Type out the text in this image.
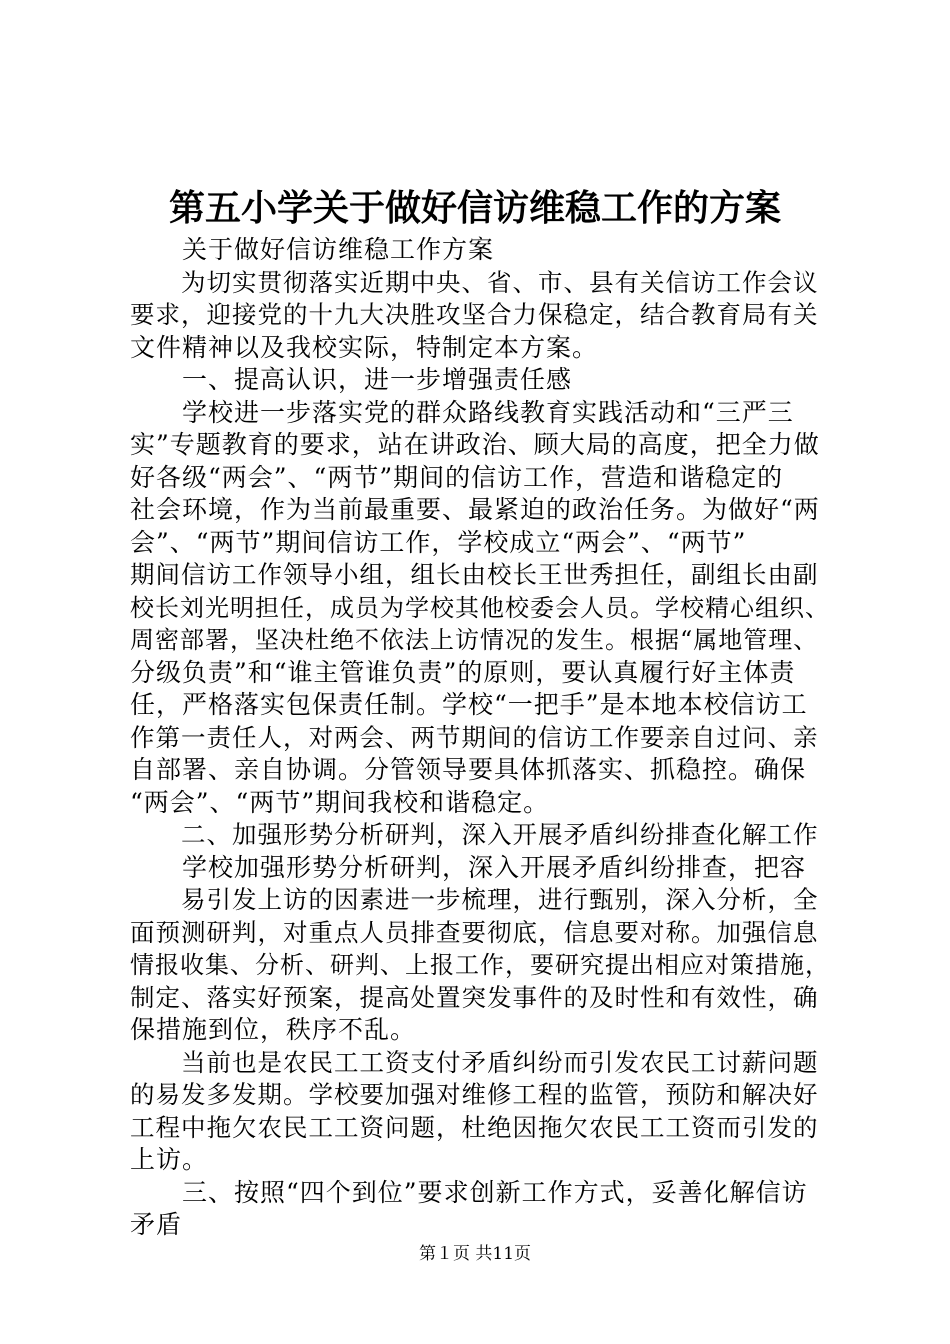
第五小学关于做好信访维稳工作的方案
　　关于做好信访维稳工作方案
　　为切实贯彻落实近期中央、省、市、县有关信访工作会议
要求，迎接党的十九大决胜攻坚合力保稳定，结合教育局有关
文件精神以及我校实际，特制定本方案。
　　一、提高认识，进一步增强责任感
　　学校进一步落实党的群众路线教育实践活动和“三严三
实”专题教育的要求，站在讲政治、顾大局的高度，把全力做
好各级“两会”、“两节”期间的信访工作，营造和谐稳定的
社会环境，作为当前最重要、最紧迫的政治任务。为做好“两
会”、“两节”期间信访工作，学校成立“两会”、“两节”
期间信访工作领导小组，组长由校长王世秀担任，副组长由副
校长刘光明担任，成员为学校其他校委会人员。学校精心组织、
周密部署，坚决杜绝不依法上访情况的发生。根据“属地管理、
分级负责”和“谁主管谁负责”的原则，要认真履行好主体责
任，严格落实包保责任制。学校“一把手”是本地本校信访工
作第一责任人，对两会、两节期间的信访工作要亲自过问、亲
自部署、亲自协调。分管领导要具体抓落实、抓稳控。确保
“两会”、“两节”期间我校和谐稳定。
　　二、加强形势分析研判，深入开展矛盾纠纷排查化解工作
　　学校加强形势分析研判，深入开展矛盾纠纷排查，把容
　　易引发上访的因素进一步梳理，进行甄别，深入分析，全
面预测研判，对重点人员排查要彻底，信息要对称。加强信息
情报收集、分析、研判、上报工作，要研究提出相应对策措施，
制定、落实好预案，提高处置突发事件的及时性和有效性，确
保措施到位，秩序不乱。
　　当前也是农民工工资支付矛盾纠纷而引发农民工讨薪问题
的易发多发期。学校要加强对维修工程的监管，预防和解决好
工程中拖欠农民工工资问题，杜绝因拖欠农民工工资而引发的
上访。
　　三、按照“四个到位”要求创新工作方式，妥善化解信访
矛盾
第１页 共11页
